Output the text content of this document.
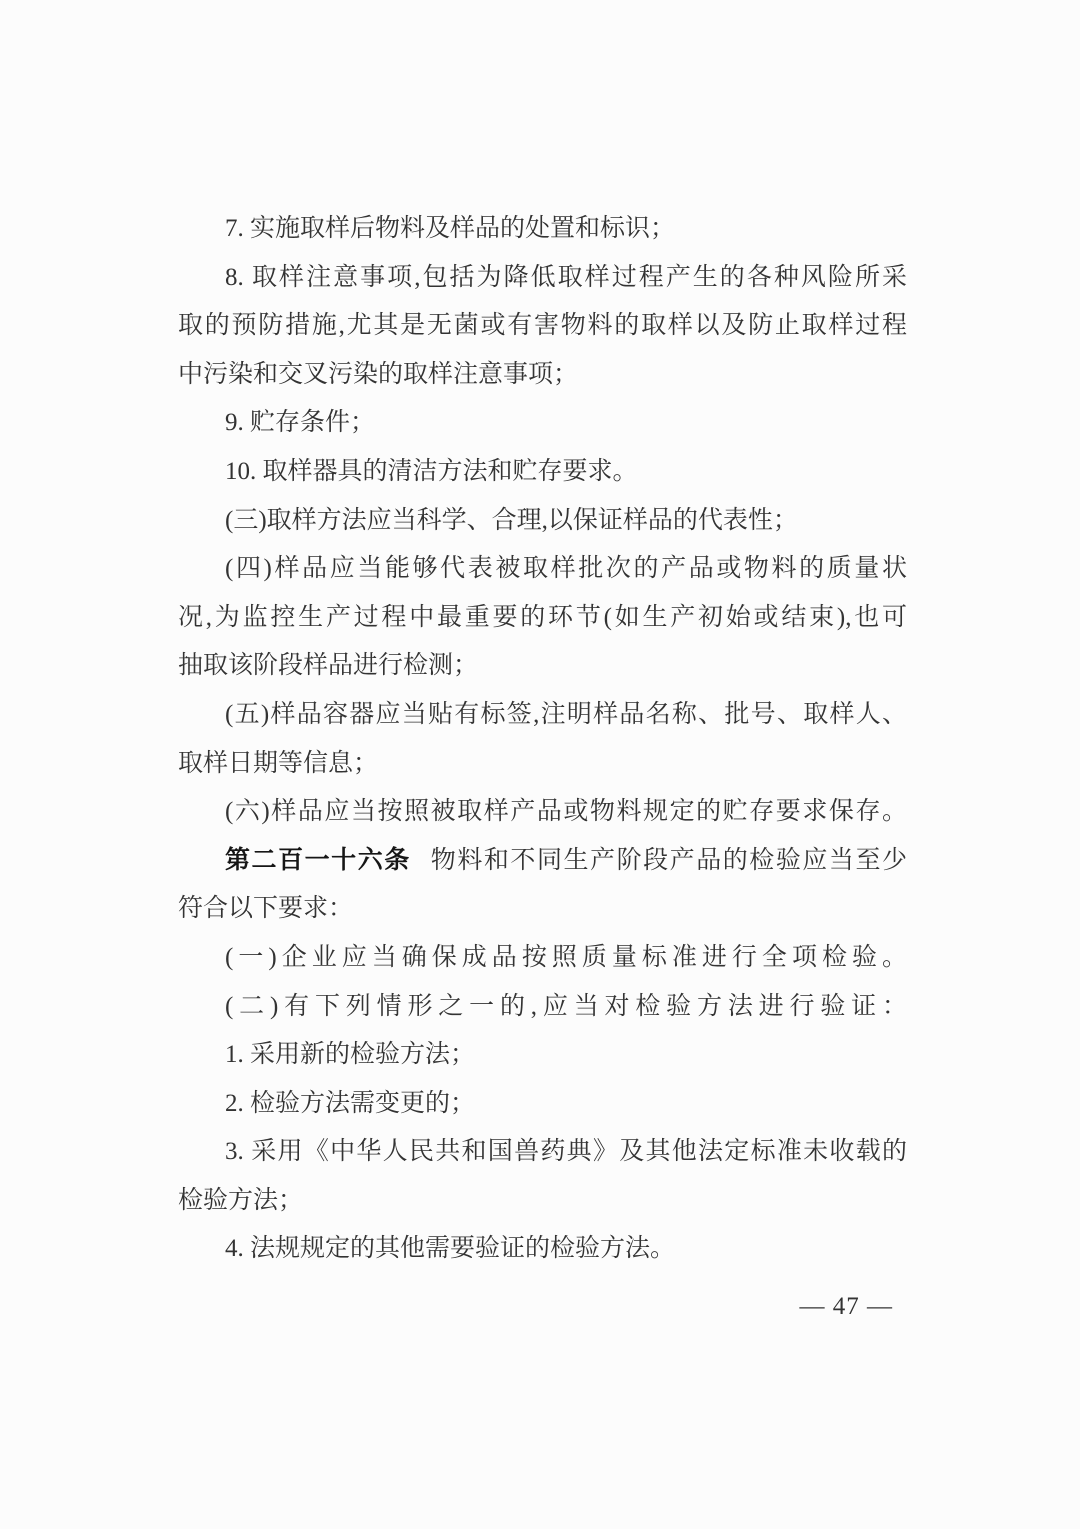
7. 实施取样后物料及样品的处置和标识；
8. 取样注意事项,包括为降低取样过程产生的各种风险所采
取的预防措施,尤其是无菌或有害物料的取样以及防止取样过程
中污染和交叉污染的取样注意事项；
9. 贮存条件；
10. 取样器具的清洁方法和贮存要求。
(三)取样方法应当科学、合理,以保证样品的代表性；
(四)样品应当能够代表被取样批次的产品或物料的质量状
况,为监控生产过程中最重要的环节(如生产初始或结束),也可
抽取该阶段样品进行检测；
(五)样品容器应当贴有标签,注明样品名称、批号、取样人、
取样日期等信息；
(六)样品应当按照被取样产品或物料规定的贮存要求保存。
第二百一十六条 物料和不同生产阶段产品的检验应当至少
符合以下要求：
(一)企业应当确保成品按照质量标准进行全项检验。
(二)有下列情形之一的,应当对检验方法进行验证：
1. 采用新的检验方法；
2. 检验方法需变更的；
3. 采用《中华人民共和国兽药典》及其他法定标准未收载的
检验方法；
4. 法规规定的其他需要验证的检验方法。
— 47 —
